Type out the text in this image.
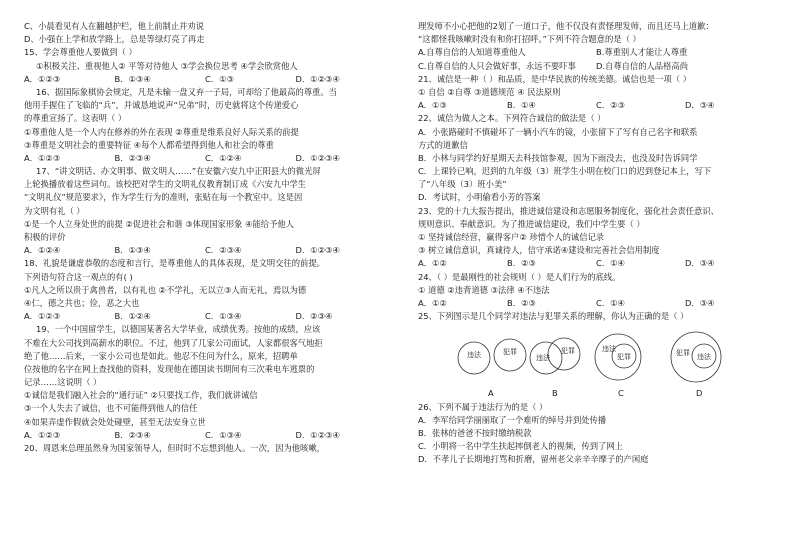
C、小晨看见有人在翻越护栏，他上前制止并劝说
D、小强在上学和放学路上，总是等绿灯亮了再走
15、学会尊重他人要做到（ ）
①积极关注、重视他人② 平等对待他人 ③学会换位思考 ④学会欣赏他人
A．①②③	B．①③④	C．①③	D．①②③④
16、据国际象棋协会规定，凡是未输一盘又弃一子局，可却给了他最高的尊重。当
他用手握住了飞临的“兵”，并诚恳地说声“兄弟”时，历史就将这个传递爱心
的尊重宣扬了。这表明（ ）
①尊重他人是一个人内在修养的外在表现 ②尊重是维系良好人际关系的前提
③尊重是文明社会的重要特征 ④每个人都希望得到他人和社会的尊重
A．①②③	B．②③④	C．①②④	D．①②③④
17、“讲文明话、办文明事、做文明人……”在安徽六安九中正阳县大的微光屏
上轮换播放着这些词句。该校把对学生的文明礼仪教育制订成《六安九中学生
“文明礼仪”规范要求》，作为学生行为的准则，张贴在每一个教室中。这是因
为文明有礼（ ）
①是一个人立身处世的前提 ②促进社会和谐 ③体现国家形象 ④能给予他人
积极的评价
A．①②④	B．①③④	C．②③④	D．①②③④
18、礼貌是谦虚恭敬的态度和言行，是尊重他人的具体表现，是文明交往的前提。
下列语句符合这一观点的有( )
①凡人之所以贵于禽兽者，以有礼也 ②不学礼，无以立③人而无礼，焉以为德
④仁，德之共也；俭，恶之大也
A．①②③	B．①②④	C．①③④	D．②③④
19、一个中国留学生，以德国某著名大学毕业，成绩优秀。按他的成绩，应该
不难在大公司找到高薪水的职位。不过，他到了几家公司面试，人家都很客气地拒
绝了他……后来，一家小公司也是如此。他忍不住问为什么，原来，招聘单
位按他的名字在网上查找他的资料，发现他在德国读书期间有三次乘电车逃票的
记录……这说明（ ）
①诚信是我们融入社会的“通行证” ②只要找工作，我们就讲诚信
③一个人失去了诚信，也不可能得到他人的信任
④如果弄虚作假就会处处碰壁，甚至无法安身立世
A．①②③	B．②③④	C．①③④	D．①②③④
20、周恩来总理虽然身为国家领导人，但时时不忘想到他人。一次，因为他咳嗽，
理发师不小心把他的2划了一道口子，他不仅没有责怪理发师，而且还马上道歉：
“这都怪我咳嗽时没有和你打招呼。”下列不符合题意的是（ ）
A.自尊自信的人知道尊重他人	B.尊重别人才能让人尊重
C.自尊自信的人只会做好事，永远不要吓事	D.自尊自信的人品格高尚
21、诚信是一种（ ）和品质，是中华民族的传统美德。诚信也是一项（ ）
① 自信 ②自尊 ③道德规范 ④ 民法原则
A．①③	B．①④	C．②③	D．③④
22、诚信为做人之本。下列符合诚信的做法是（ ）
A．小张路碰时不慎碰坏了一辆小汽车的镜，小张留下了写有自己名字和联系
方式的道歉信
B．小林与同学约好星期天去科技馆参观，因为下雨没去，也没及时告诉同学
C．上课铃已响，迟到的九年级（3）班学生小明在校门口的迟到登记本上，写下
了“八年级（3）班小美”
D．考试时，小明偷看小芳的答案
23、党的十九大报告提出，推进诚信建设和志愿服务制度化，强化社会责任意识、
规则意识、奉献意识。为了推进诚信建设，我们中学生要（ ）
① 坚持诚信经营，赢得客户② 珍惜个人的诚信记录
③ 树立诚信意识，真诚待人，信守承诺④建设和完善社会信用制度
A．①②	B．②③	C．①④	D．③④
24、（ ）是最刚性的社会规则（ ）是人们行为的底线。
① 道德 ②违背道德 ③法律 ④不违法
A．①②	B．②③	C．①④	D．③④
25、下列图示是几个同学对违法与犯罪关系的理解，你认为正确的是（ ）
违法	犯罪
违法
犯罪	违法
犯罪	犯罪 违法
A	B	C	D
26、下列不属于违法行为的是（ ）
A．李军给同学丽丽取了一个难听的绰号并到处传播
B．张林的爸爸不按时缴纳税款
C．小明将一名中学生扶起摔倒老人的视频，传到了网上
D．不孝儿子长期地打骂和折磨，留州老父亲辛辛摩子的产闲庭
